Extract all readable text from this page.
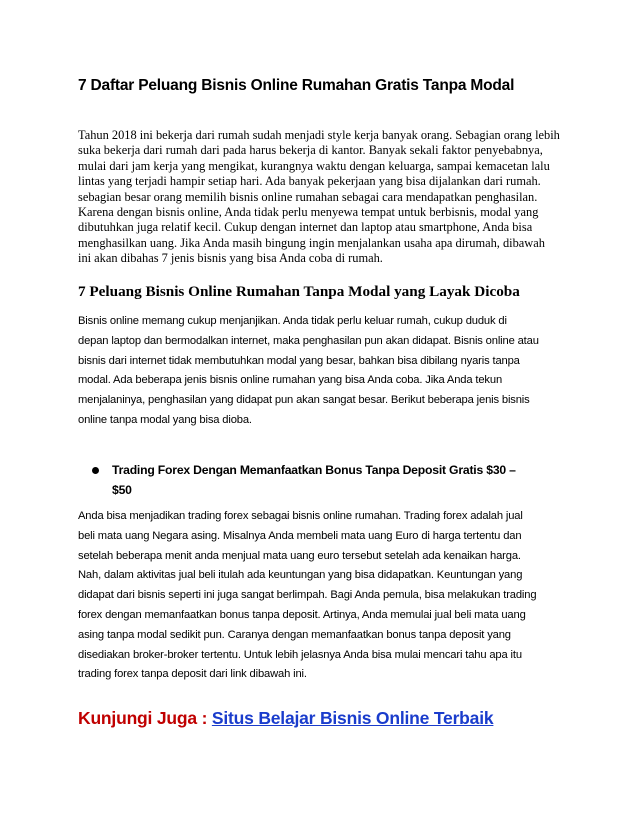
7 Daftar Peluang Bisnis Online Rumahan Gratis Tanpa Modal
Tahun 2018 ini bekerja dari rumah sudah menjadi style kerja banyak orang. Sebagian orang lebih
suka bekerja dari rumah dari pada harus bekerja di kantor. Banyak sekali faktor penyebabnya,
mulai dari jam kerja yang mengikat, kurangnya waktu dengan keluarga, sampai kemacetan lalu
lintas yang terjadi hampir setiap hari. Ada banyak pekerjaan yang bisa dijalankan dari rumah.
sebagian besar orang memilih bisnis online rumahan sebagai cara mendapatkan penghasilan.
Karena dengan bisnis online, Anda tidak perlu menyewa tempat untuk berbisnis, modal yang
dibutuhkan juga relatif kecil. Cukup dengan internet dan laptop atau smartphone, Anda bisa
menghasilkan uang. Jika Anda masih bingung ingin menjalankan usaha apa dirumah, dibawah
ini akan dibahas 7 jenis bisnis yang bisa Anda coba di rumah.
7 Peluang Bisnis Online Rumahan Tanpa Modal yang Layak Dicoba
Bisnis online memang cukup menjanjikan. Anda tidak perlu keluar rumah, cukup duduk di
depan laptop dan bermodalkan internet, maka penghasilan pun akan didapat. Bisnis online atau
bisnis dari internet tidak membutuhkan modal yang besar, bahkan bisa dibilang nyaris tanpa
modal. Ada beberapa jenis bisnis online rumahan yang bisa Anda coba. Jika Anda tekun
menjalaninya, penghasilan yang didapat pun akan sangat besar. Berikut beberapa jenis bisnis
online tanpa modal yang bisa dioba.
Trading Forex Dengan Memanfaatkan Bonus Tanpa Deposit Gratis $30 –
$50
Anda bisa menjadikan trading forex sebagai bisnis online rumahan. Trading forex adalah jual
beli mata uang Negara asing. Misalnya Anda membeli mata uang Euro di harga tertentu dan
setelah beberapa menit anda menjual mata uang euro tersebut setelah ada kenaikan harga.
Nah, dalam aktivitas jual beli itulah ada keuntungan yang bisa didapatkan. Keuntungan yang
didapat dari bisnis seperti ini juga sangat berlimpah. Bagi Anda pemula, bisa melakukan trading
forex dengan memanfaatkan bonus tanpa deposit. Artinya, Anda memulai jual beli mata uang
asing tanpa modal sedikit pun. Caranya dengan memanfaatkan bonus tanpa deposit yang
disediakan broker-broker tertentu. Untuk lebih jelasnya Anda bisa mulai mencari tahu apa itu
trading forex tanpa deposit dari link dibawah ini.
Kunjungi Juga : Situs Belajar Bisnis Online Terbaik
